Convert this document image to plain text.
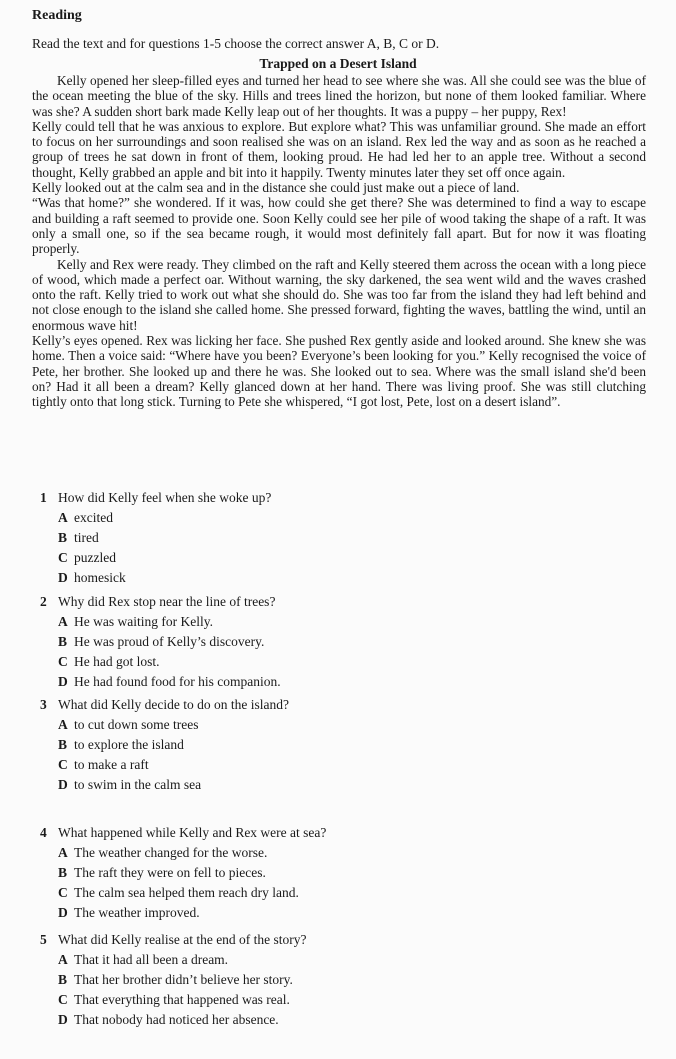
Reading
Read the text and for questions 1-5 choose the correct answer A, B, C or D.
Trapped on a Desert Island

Kelly opened her sleep-filled eyes and turned her head to see where she was. All she could see was the blue of the ocean meeting the blue of the sky. Hills and trees lined the horizon, but none of them looked familiar. Where was she? A sudden short bark made Kelly leap out of her thoughts. It was a puppy – her puppy, Rex!

Kelly could tell that he was anxious to explore. But explore what? This was unfamiliar ground. She made an effort to focus on her surroundings and soon realised she was on an island. Rex led the way and as soon as he reached a group of trees he sat down in front of them, looking proud. He had led her to an apple tree. Without a second thought, Kelly grabbed an apple and bit into it happily. Twenty minutes later they set off once again.

Kelly looked out at the calm sea and in the distance she could just make out a piece of land.

“Was that home?” she wondered. If it was, how could she get there? She was determined to find a way to escape and building a raft seemed to provide one. Soon Kelly could see her pile of wood taking the shape of a raft. It was only a small one, so if the sea became rough, it would most definitely fall apart. But for now it was floating properly.

Kelly and Rex were ready. They climbed on the raft and Kelly steered them across the ocean with a long piece of wood, which made a perfect oar. Without warning, the sky darkened, the sea went wild and the waves crashed onto the raft. Kelly tried to work out what she should do. She was too far from the island they had left behind and not close enough to the island she called home. She pressed forward, fighting the waves, battling the wind, until an enormous wave hit!

Kelly’s eyes opened. Rex was licking her face. She pushed Rex gently aside and looked around. She knew she was home. Then a voice said: “Where have you been? Everyone’s been looking for you.” Kelly recognised the voice of Pete, her brother. She looked up and there he was. She looked out to sea. Where was the small island she'd been on? Had it all been a dream? Kelly glanced down at her hand. There was living proof. She was still clutching tightly onto that long stick. Turning to Pete she whispered, “I got lost, Pete, lost on a desert island”.

1 How did Kelly feel when she woke up?
A excited
B tired
C puzzled
D homesick
2 Why did Rex stop near the line of trees?
A He was waiting for Kelly.
B He was proud of Kelly’s discovery.
C He had got lost.
D He had found food for his companion.
3 What did Kelly decide to do on the island?
A to cut down some trees
B to explore the island
C to make a raft
D to swim in the calm sea
4 What happened while Kelly and Rex were at sea?
A The weather changed for the worse.
B The raft they were on fell to pieces.
C The calm sea helped them reach dry land.
D The weather improved.
5 What did Kelly realise at the end of the story?
A That it had all been a dream.
B That her brother didn’t believe her story.
C That everything that happened was real.
D That nobody had noticed her absence.
